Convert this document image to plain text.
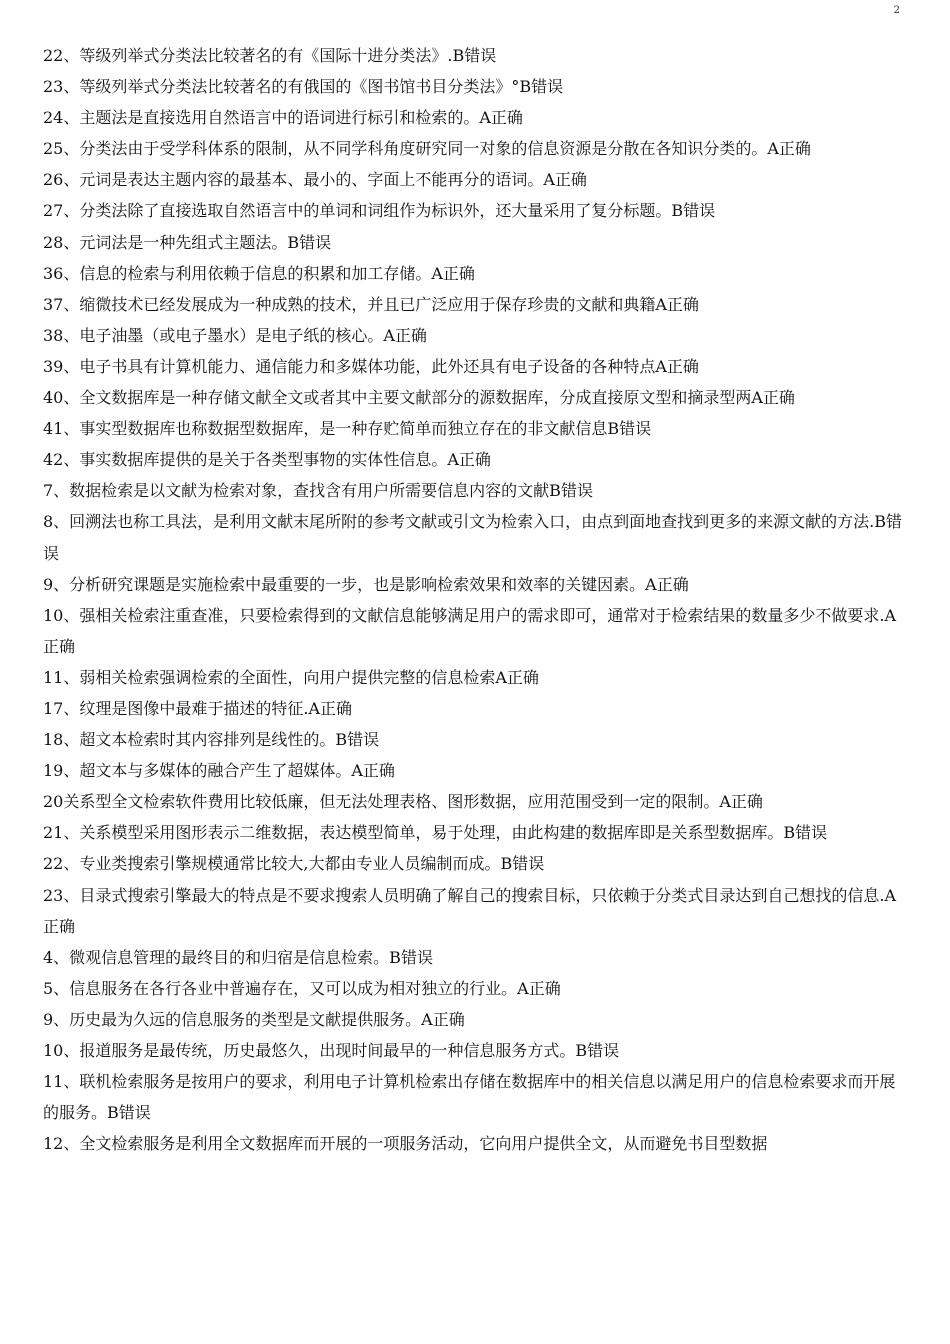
2

22、等级列举式分类法比较著名的有《国际十进分类法》.B错误

23、等级列举式分类法比较著名的有俄国的《图书馆书目分类法》°B错误

24、主题法是直接选用自然语言中的语词进行标引和检索的。A正确

25、分类法由于受学科体系的限制，从不同学科角度研究同一对象的信息资源是分散在各知识分类的。A正确

26、元词是表达主题内容的最基本、最小的、字面上不能再分的语词。A正确

27、分类法除了直接选取自然语言中的单词和词组作为标识外，还大量采用了复分标题。B错误

28、元词法是一种先组式主题法。B错误

36、信息的检索与利用依赖于信息的积累和加工存储。A正确

37、缩微技术已经发展成为一种成熟的技术，并且已广泛应用于保存珍贵的文献和典籍A正确

38、电子油墨（或电子墨水）是电子纸的核心。A正确

39、电子书具有计算机能力、通信能力和多媒体功能，此外还具有电子设备的各种特点A正确

40、全文数据库是一种存储文献全文或者其中主要文献部分的源数据库，分成直接原文型和摘录型两A正确

41、事实型数据库也称数据型数据库，是一种存贮简单而独立存在的非文献信息B错误

42、事实数据库提供的是关于各类型事物的实体性信息。A正确

7、数据检索是以文献为检索对象，查找含有用户所需要信息内容的文献B错误

8、回溯法也称工具法，是利用文献末尾所附的参考文献或引文为检索入口，由点到面地查找到更多的来源文献的方法.B错误

9、分析研究课题是实施检索中最重要的一步，也是影响检索效果和效率的关键因素。A正确

10、强相关检索注重查准，只要检索得到的文献信息能够满足用户的需求即可，通常对于检索结果的数量多少不做要求.A正确

11、弱相关检索强调检索的全面性，向用户提供完整的信息检索A正确

17、纹理是图像中最难于描述的特征.A正确

18、超文本检索时其内容排列是线性的。B错误

19、超文本与多媒体的融合产生了超媒体。A正确

20关系型全文检索软件费用比较低廉，但无法处理表格、图形数据，应用范围受到一定的限制。A正确

21、关系模型采用图形表示二维数据，表达模型简单，易于处理，由此构建的数据库即是关系型数据库。B错误

22、专业类搜索引擎规模通常比较大,大都由专业人员编制而成。B错误

23、目录式搜索引擎最大的特点是不要求搜索人员明确了解自己的搜索目标，只依赖于分类式目录达到自己想找的信息.A正确

4、微观信息管理的最终目的和归宿是信息检索。B错误

5、信息服务在各行各业中普遍存在，又可以成为相对独立的行业。A正确

9、历史最为久远的信息服务的类型是文献提供服务。A正确

10、报道服务是最传统，历史最悠久，出现时间最早的一种信息服务方式。B错误

11、联机检索服务是按用户的要求，利用电子计算机检索出存储在数据库中的相关信息以满足用户的信息检索要求而开展的服务。B错误

12、全文检索服务是利用全文数据库而开展的一项服务活动，它向用户提供全文，从而避免书目型数据
